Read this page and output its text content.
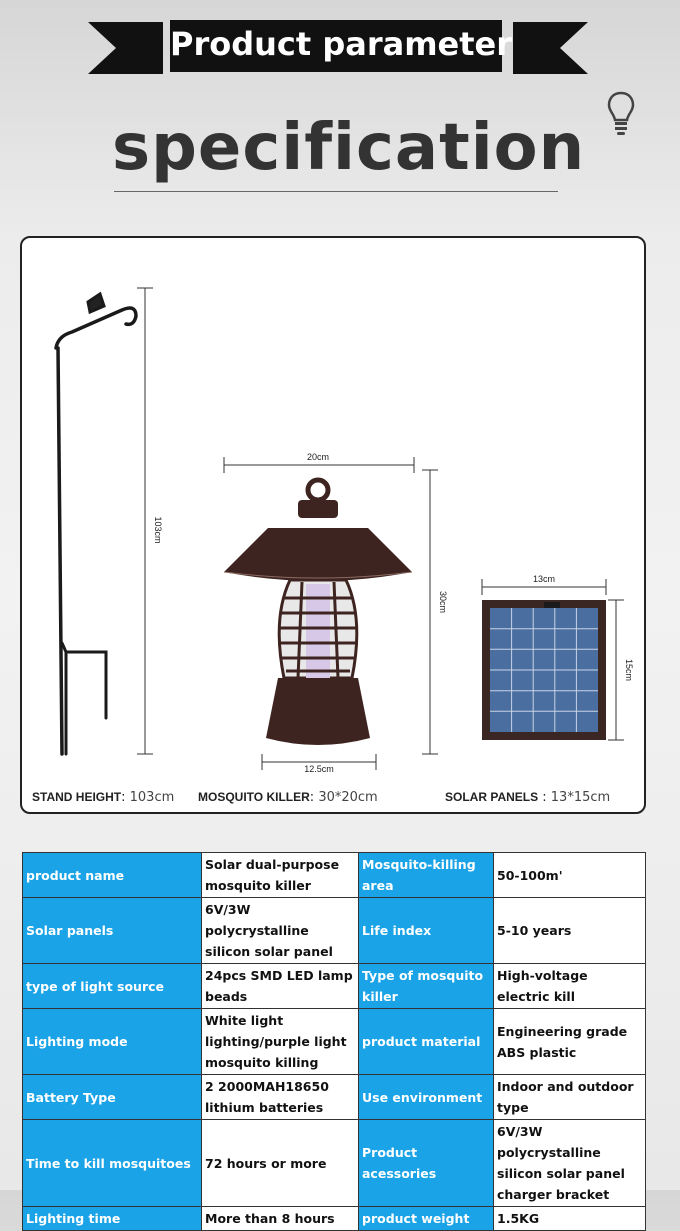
Product parameter
specification
103cm
20cm
30cm
12.5cm
13cm
15cm
STAND HEIGHT: 103cm MOSQUITO KILLER: 30*20cm	SOLAR PANELS : 13*15cm
product name	Solar dual-purpose mosquito killer	Mosquito-killing area	50-100m'
Solar panels	6V/3W polycrystalline silicon solar panel	Life index	5-10 years
type of light source	24pcs SMD LED lamp beads	Type of mosquito killer	High-voltage electric kill
Lighting mode	White light lighting/purple light mosquito killing	product material	Engineering grade ABS plastic
Battery Type	2 2000MAH18650 lithium batteries	Use environment	Indoor and outdoor type
Time to kill mosquitoes	72 hours or more	Product acessories	6V/3W polycrystalline silicon solar panel charger bracket
Lighting time	More than 8 hours	product weight	1.5KG
